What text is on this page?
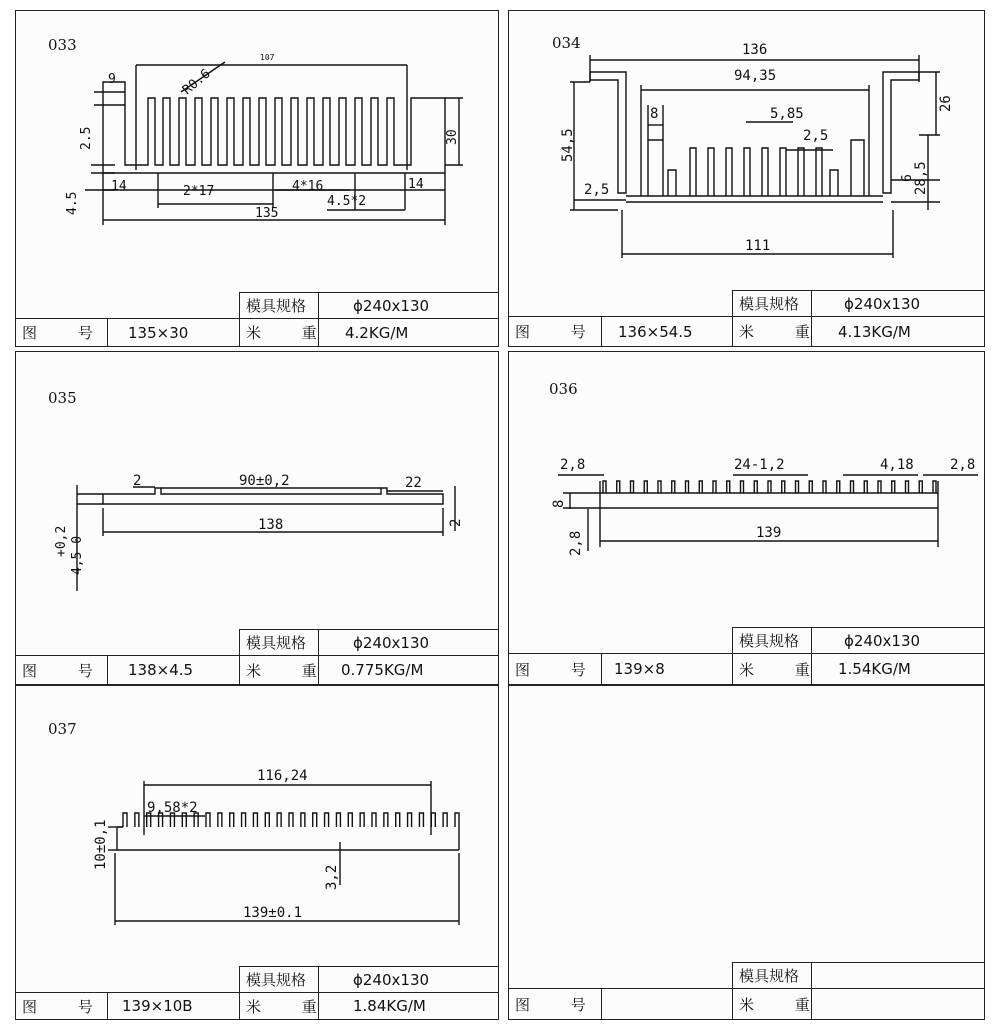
033	034
035	036
037
9	R0.6
107
2.5	30
14	2*17	4*16	14
4.5	4.5*2
135
136
94,35
26
8	5,85
2,5
54,5
6
28,5
2,5
111
2	90±0,2	22
138	2
+0,2 4,5−0
2,8	24-1,2	4,18	2,8
8
139
2,8
116,24
9,58*2
10±0,1
3,2
139±0.1
模具规格	ϕ240x130
图 号	135×30	米 重 4.2KG/M
模具规格	ϕ240x130
图 号 136×54.5	米 重 4.13KG/M
模具规格	ϕ240x130
图 号	138×4.5	米 重 0.775KG/M
模具规格	ϕ240x130
图 号 139×8	米 重 1.54KG/M
模具规格	ϕ240x130
图 号 139×10B	米 重	1.84KG/M
模具规格
图 号	米 重
